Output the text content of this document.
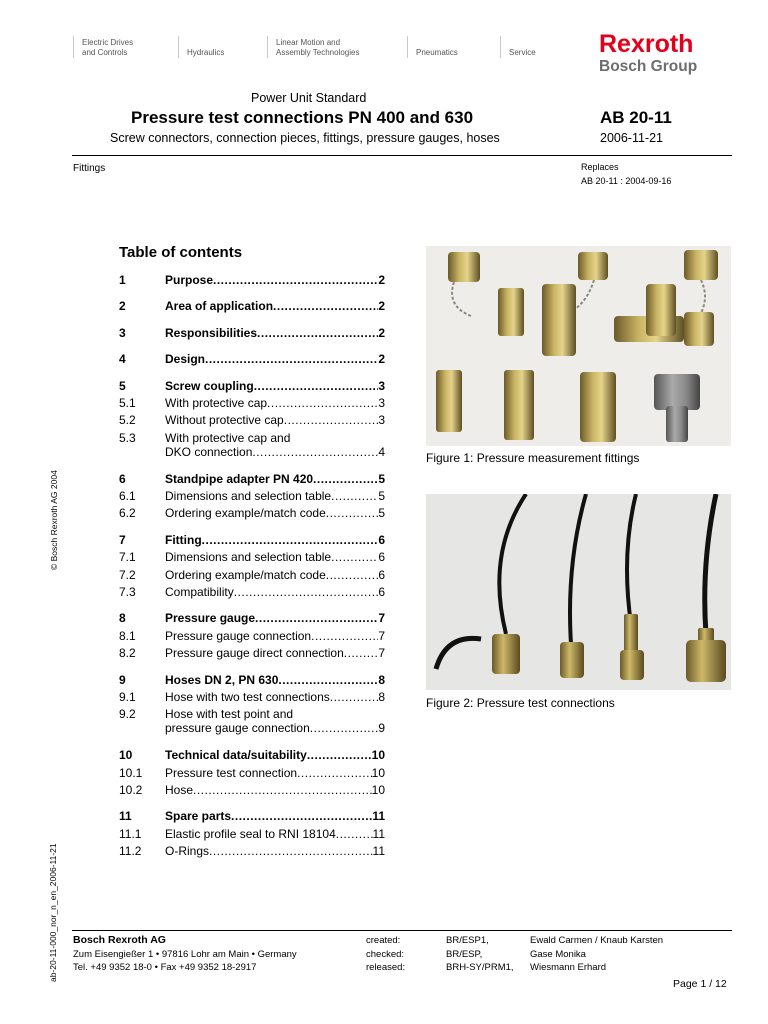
Electric Drives
and Controls	Hydraulics
Linear Motion and
Assembly Technologies	Pneumatics	Service	Rexroth
Bosch Group
Power Unit Standard
Pressure test connections PN 400 and 630
Screw connectors, connection pieces, fittings, pressure gauges, hoses
AB 20-11
2006-11-21
Fittings	Replaces
AB 20-11 : 2004-09-16
Table of contents
1	Purpose .....	2
2	Area of application .....	2
3	Responsibilities .....	2
4	Design .....	2
5	Screw coupling .....	3
5.1	With protective cap .....	3
5.2	Without protective cap .....	3
5.3	With protective cap and
DKO connection .....	4
6	Standpipe adapter PN 420 .....	5
6.1	Dimensions and selection table .....	5
6.2	Ordering example/match code .....	5
7	Fitting .....	6
7.1	Dimensions and selection table .....	6
7.2	Ordering example/match code .....	6
7.3	Compatibility .....	6
8	Pressure gauge .....	7
8.1	Pressure gauge connection .....	7
8.2	Pressure gauge direct connection .....	7
9	Hoses DN 2, PN 630 .....	8
9.1	Hose with two test connections .....	8
9.2	Hose with test point and
pressure gauge connection .....	9
10	Technical data/suitability .....	10
10.1	Pressure test connection .....	10
10.2	Hose .....	10
11	Spare parts .....	11
11.1	Elastic profile seal to RNI 18104 .....	11
11.2	O-Rings .....	11
Figure 1: Pressure measurement fittings
Figure 2: Pressure test connections
© Bosch Rexroth AG 2004
ab-20-11-000_nor_n_en_2006-11-21 Bosch Rexroth AG
Zum Eisengießer 1 • 97816 Lohr am Main • Germany
Tel. +49 9352 18-0 • Fax +49 9352 18-2917
created:	BR/ESP1,	Ewald Carmen / Knaub Karsten
checked:	BR/ESP,	Gase Monika
released:	BRH-SY/PRM1, Wiesmann Erhard
Page 1 / 12
